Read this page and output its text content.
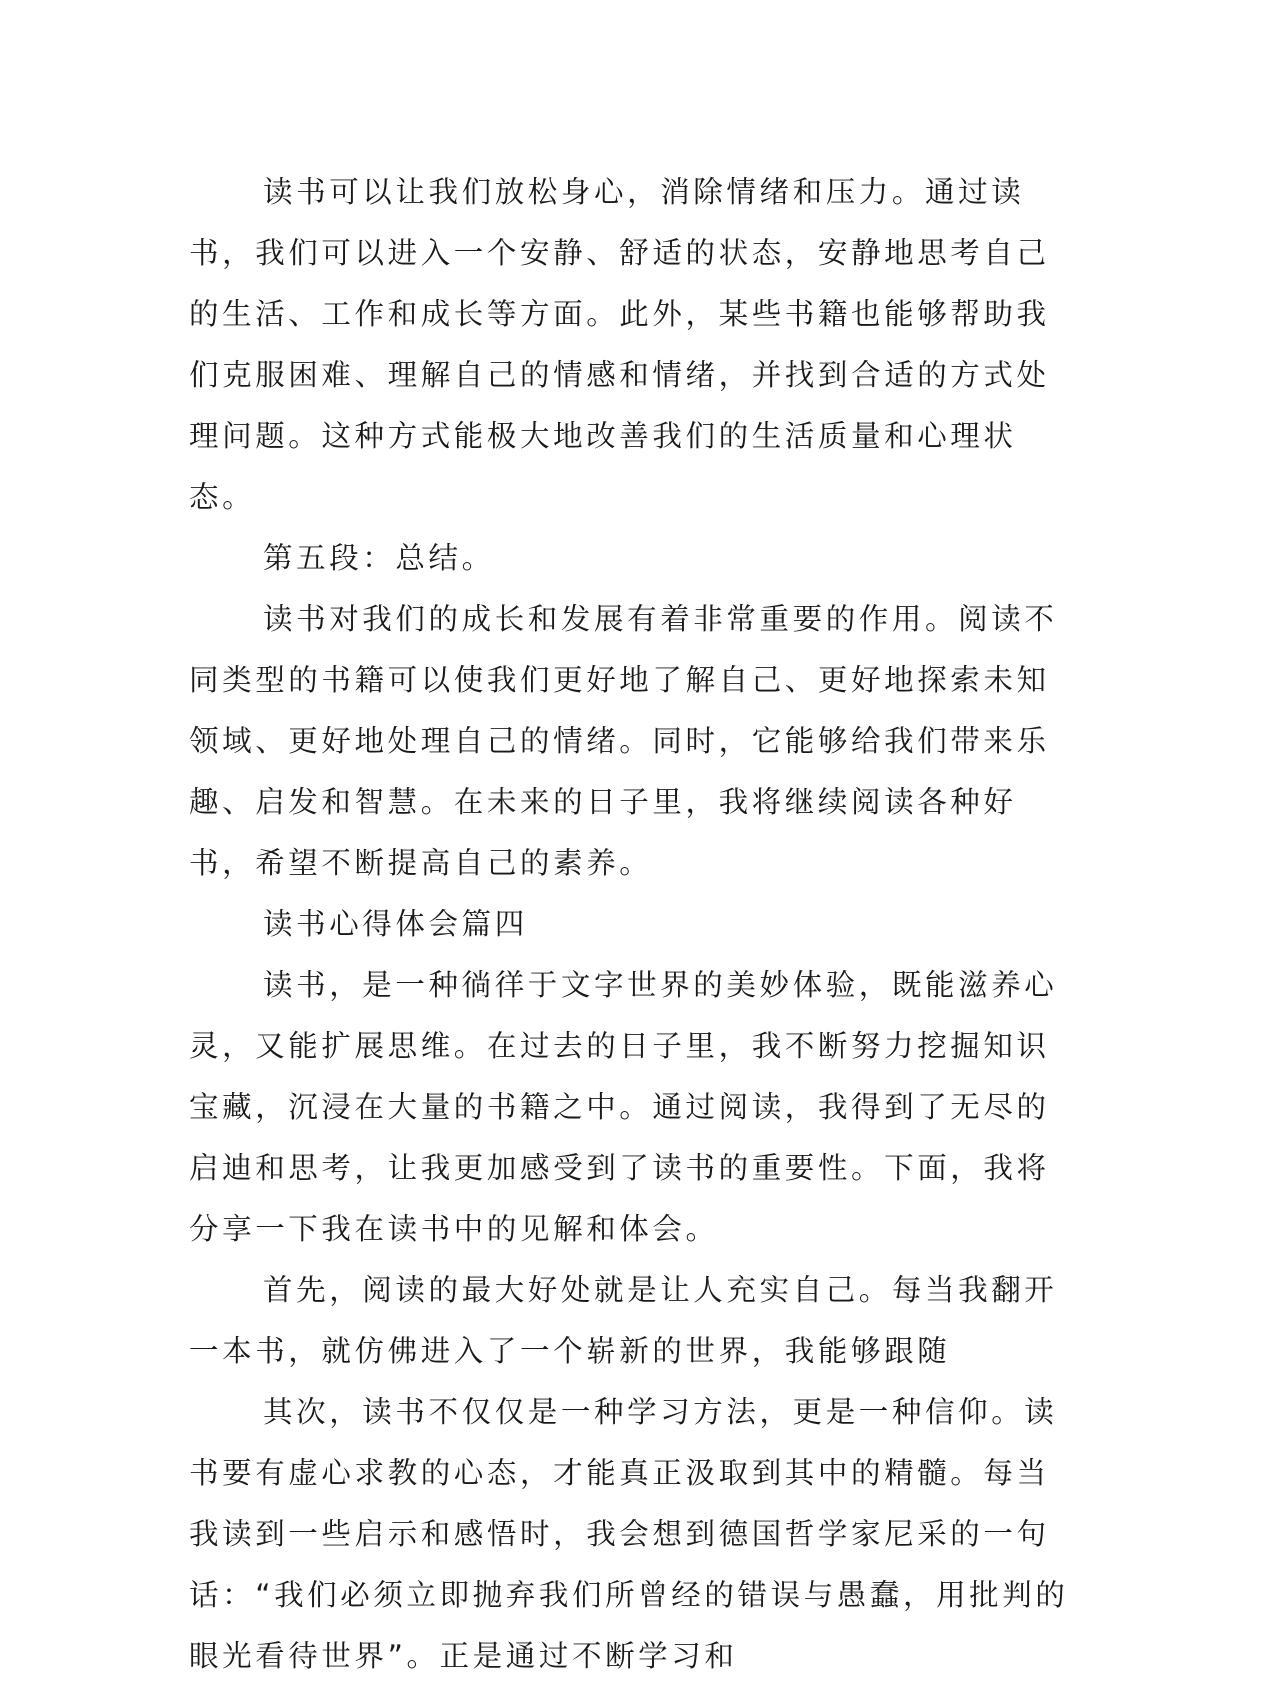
读书可以让我们放松身心，消除情绪和压力。通过读书，我们可以进入一个安静、舒适的状态，安静地思考自己的生活、工作和成长等方面。此外，某些书籍也能够帮助我们克服困难、理解自己的情感和情绪，并找到合适的方式处理问题。这种方式能极大地改善我们的生活质量和心理状态。

第五段：总结。

读书对我们的成长和发展有着非常重要的作用。阅读不同类型的书籍可以使我们更好地了解自己、更好地探索未知领域、更好地处理自己的情绪。同时，它能够给我们带来乐趣、启发和智慧。在未来的日子里，我将继续阅读各种好书，希望不断提高自己的素养。

读书心得体会篇四

读书，是一种徜徉于文字世界的美妙体验，既能滋养心灵，又能扩展思维。在过去的日子里，我不断努力挖掘知识宝藏，沉浸在大量的书籍之中。通过阅读，我得到了无尽的启迪和思考，让我更加感受到了读书的重要性。下面，我将分享一下我在读书中的见解和体会。

首先，阅读的最大好处就是让人充实自己。每当我翻开一本书，就仿佛进入了一个崭新的世界，我能够跟随

其次，读书不仅仅是一种学习方法，更是一种信仰。读书要有虚心求教的心态，才能真正汲取到其中的精髓。每当我读到一些启示和感悟时，我会想到德国哲学家尼采的一句话：“我们必须立即抛弃我们所曾经的错误与愚蠢，用批判的眼光看待世界”。正是通过不断学习和
